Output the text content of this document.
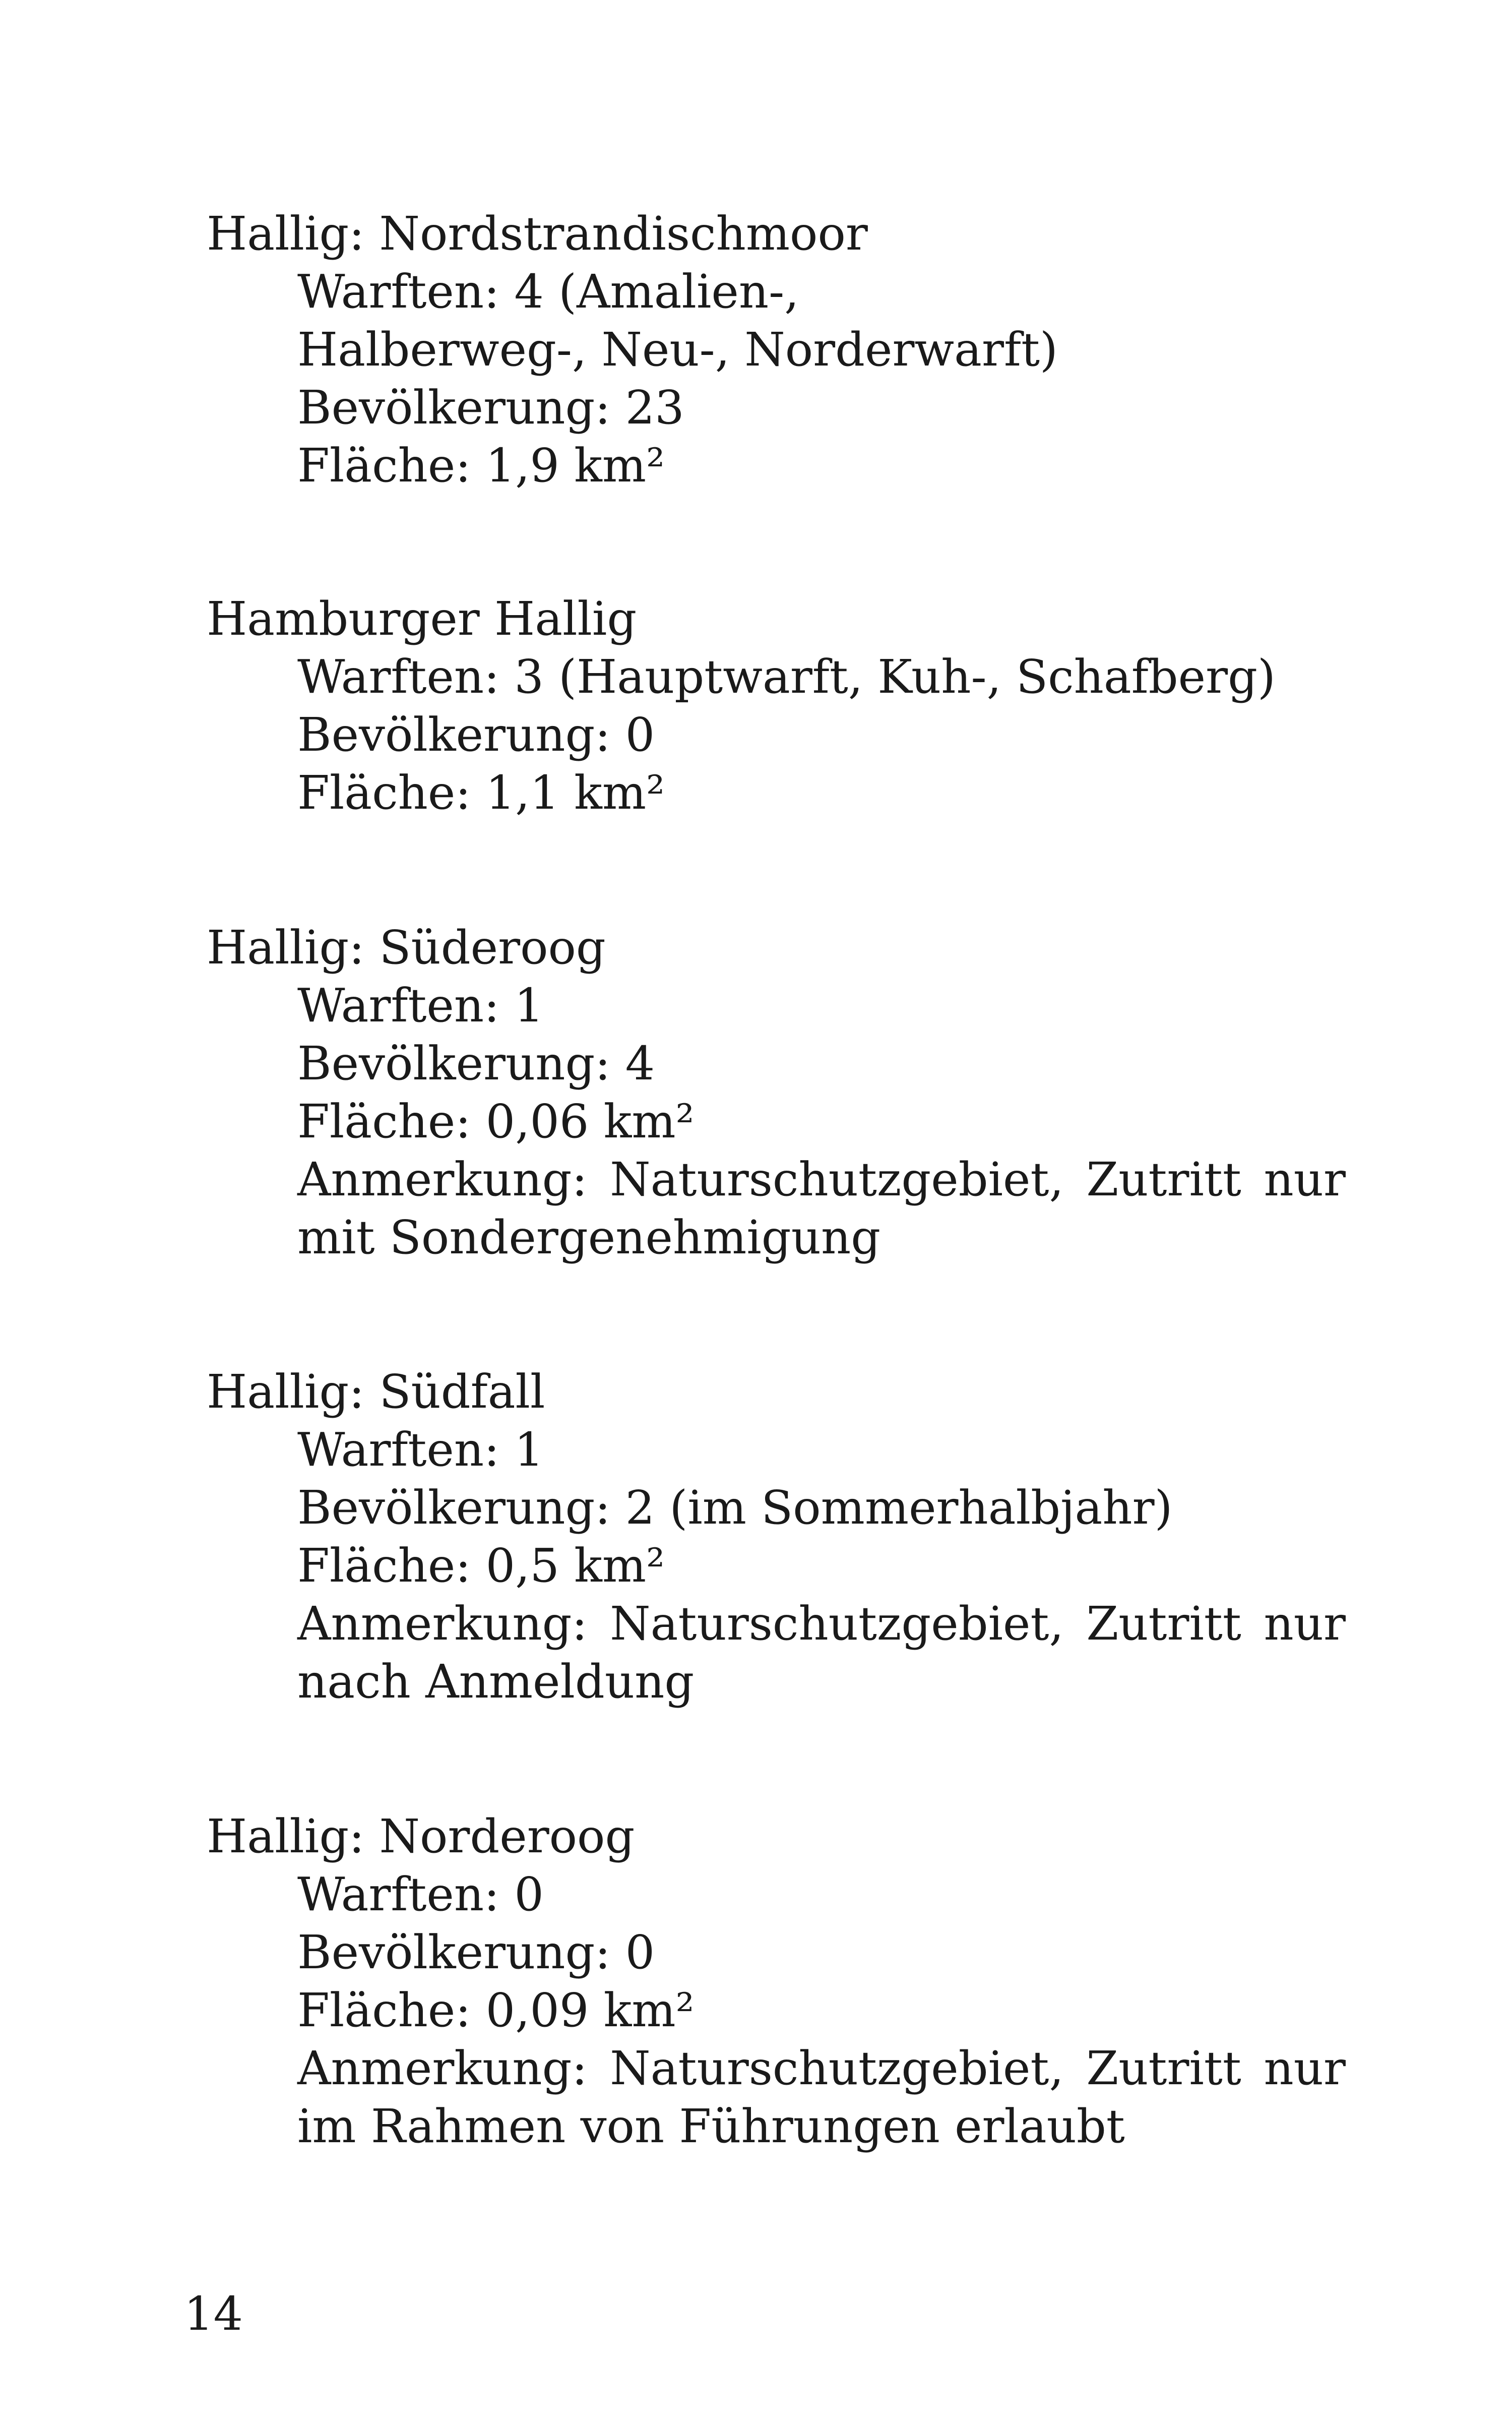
Hallig: Nordstrandischmoor
Warften: 4 (Amalien-,
Halberweg-, Neu-, Norderwarft)
Bevölkerung: 23
Fläche: 1,9 km²
Hamburger Hallig
Warften: 3 (Hauptwarft, Kuh-, Schafberg)
Bevölkerung: 0
Fläche: 1,1 km²
Hallig: Süderoog
Warften: 1
Bevölkerung: 4
Fläche: 0,06 km²
Anmerkung: Naturschutzgebiet, Zutritt nur mit Sondergenehmigung
Hallig: Südfall
Warften: 1
Bevölkerung: 2 (im Sommerhalbjahr)
Fläche: 0,5 km²
Anmerkung: Naturschutzgebiet, Zutritt nur nach Anmeldung
Hallig: Norderoog
Warften: 0
Bevölkerung: 0
Fläche: 0,09 km²
Anmerkung: Naturschutzgebiet, Zutritt nur im Rahmen von Führungen erlaubt
14
